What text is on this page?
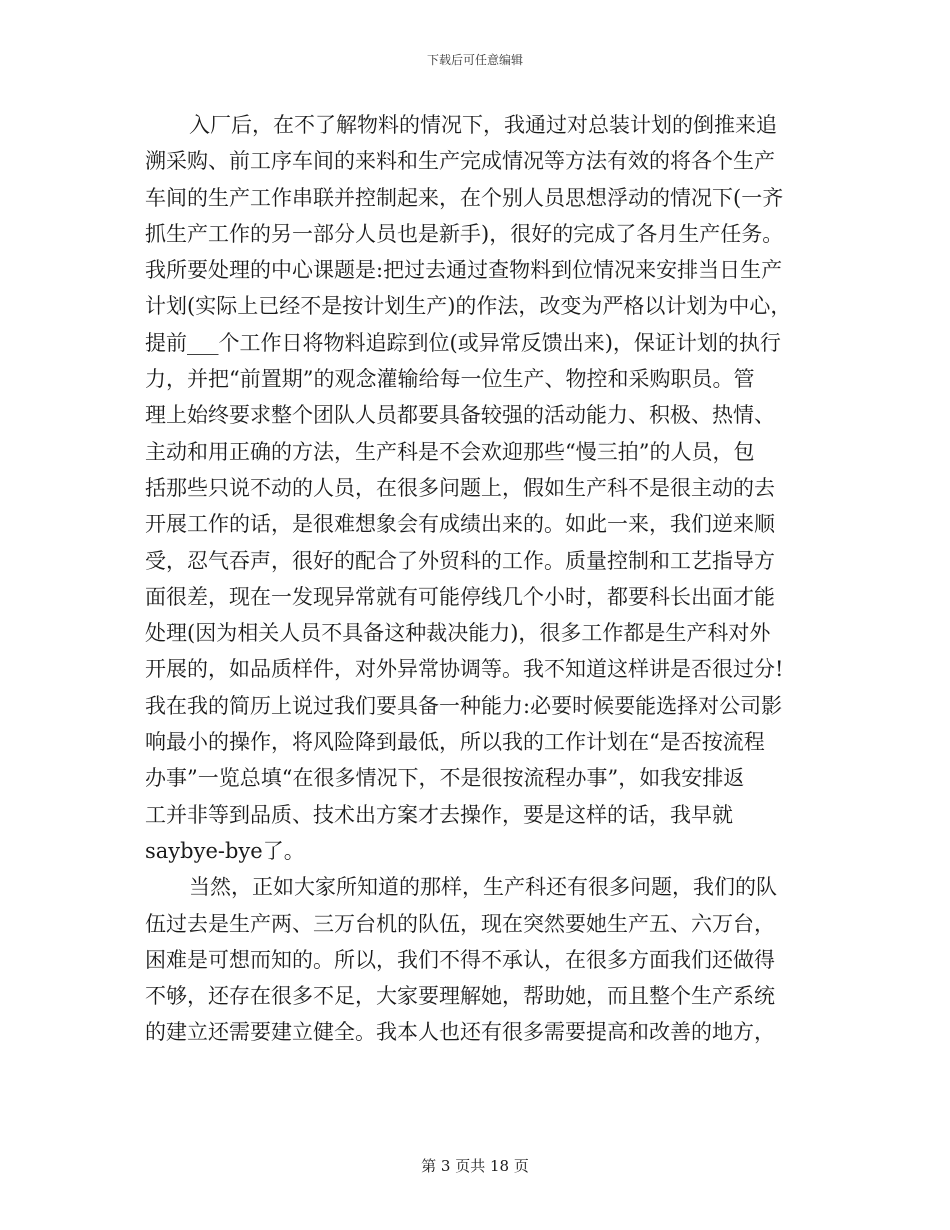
下载后可任意编辑
入厂后，在不了解物料的情况下，我通过对总装计划的倒推来追
溯采购、前工序车间的来料和生产完成情况等方法有效的将各个生产
车间的生产工作串联并控制起来，在个别人员思想浮动的情况下(一齐
抓生产工作的另一部分人员也是新手)，很好的完成了各月生产任务。
我所要处理的中心课题是:把过去通过查物料到位情况来安排当日生产
计划(实际上已经不是按计划生产)的作法，改变为严格以计划为中心，
提前___个工作日将物料追踪到位(或异常反馈出来)，保证计划的执行
力，并把“前置期”的观念灌输给每一位生产、物控和采购职员。管
理上始终要求整个团队人员都要具备较强的活动能力、积极、热情、
主动和用正确的方法，生产科是不会欢迎那些“慢三拍”的人员，包
括那些只说不动的人员，在很多问题上，假如生产科不是很主动的去
开展工作的话，是很难想象会有成绩出来的。如此一来，我们逆来顺
受，忍气吞声，很好的配合了外贸科的工作。质量控制和工艺指导方
面很差，现在一发现异常就有可能停线几个小时，都要科长出面才能
处理(因为相关人员不具备这种裁决能力)，很多工作都是生产科对外
开展的，如品质样件，对外异常协调等。我不知道这样讲是否很过分!
我在我的简历上说过我们要具备一种能力:必要时候要能选择对公司影
响最小的操作，将风险降到最低，所以我的工作计划在“是否按流程
办事”一览总填“在很多情况下，不是很按流程办事”，如我安排返
工并非等到品质、技术出方案才去操作，要是这样的话，我早就
saybye-bye了。
当然，正如大家所知道的那样，生产科还有很多问题，我们的队
伍过去是生产两、三万台机的队伍，现在突然要她生产五、六万台，
困难是可想而知的。所以，我们不得不承认，在很多方面我们还做得
不够，还存在很多不足，大家要理解她，帮助她，而且整个生产系统
的建立还需要建立健全。我本人也还有很多需要提高和改善的地方，
第 3 页共 18 页
